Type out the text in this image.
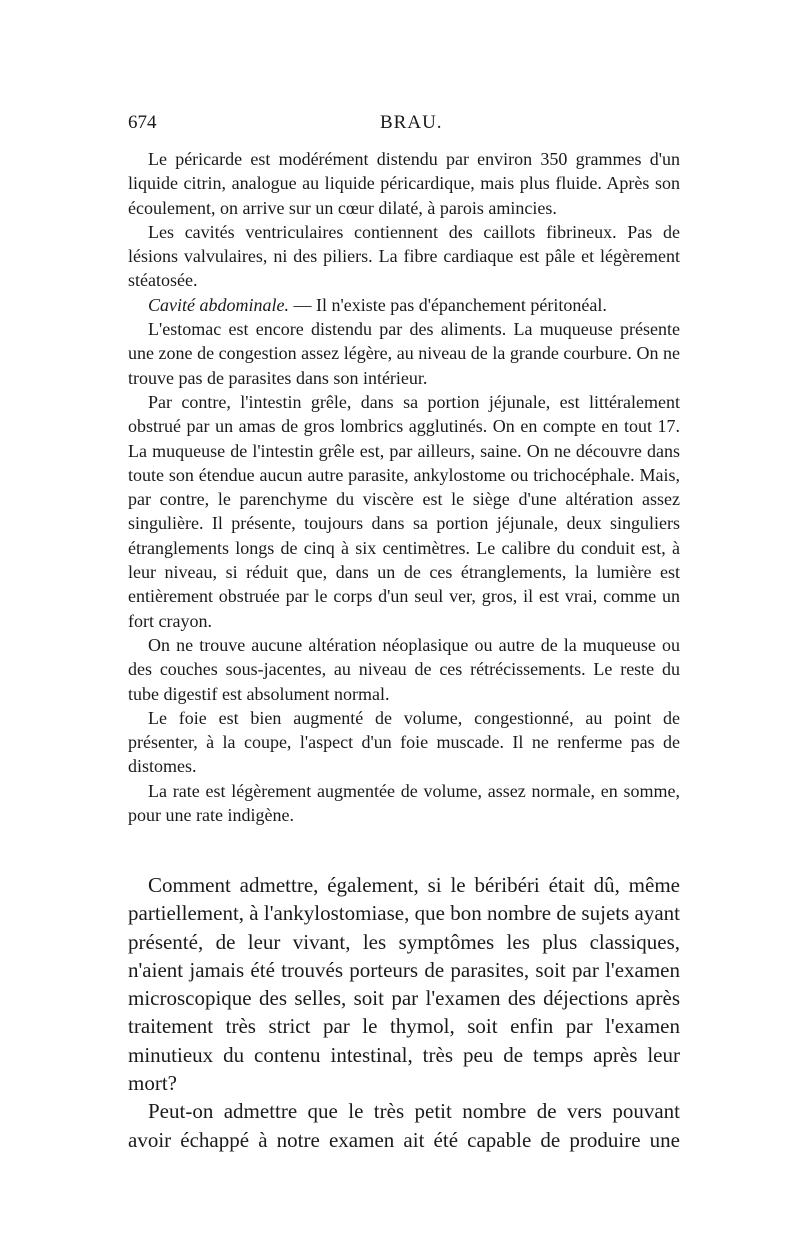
674	BRAU.

Le péricarde est modérément distendu par environ 350 grammes d'un liquide citrin, analogue au liquide péricardique, mais plus fluide. Après son écoulement, on arrive sur un cœur dilaté, à parois amincies.

Les cavités ventriculaires contiennent des caillots fibrineux. Pas de lésions valvulaires, ni des piliers. La fibre cardiaque est pâle et légèrement stéatosée.

Cavité abdominale. — Il n'existe pas d'épanchement péritonéal.

L'estomac est encore distendu par des aliments. La muqueuse présente une zone de congestion assez légère, au niveau de la grande courbure. On ne trouve pas de parasites dans son intérieur.

Par contre, l'intestin grêle, dans sa portion jéjunale, est littéralement obstrué par un amas de gros lombrics agglutinés. On en compte en tout 17. La muqueuse de l'intestin grêle est, par ailleurs, saine. On ne découvre dans toute son étendue aucun autre parasite, ankylostome ou trichocéphale. Mais, par contre, le parenchyme du viscère est le siège d'une altération assez singulière. Il présente, toujours dans sa portion jéjunale, deux singuliers étranglements longs de cinq à six centimètres. Le calibre du conduit est, à leur niveau, si réduit que, dans un de ces étranglements, la lumière est entièrement obstruée par le corps d'un seul ver, gros, il est vrai, comme un fort crayon.

On ne trouve aucune altération néoplasique ou autre de la muqueuse ou des couches sous-jacentes, au niveau de ces rétrécissements. Le reste du tube digestif est absolument normal.

Le foie est bien augmenté de volume, congestionné, au point de présenter, à la coupe, l'aspect d'un foie muscade. Il ne renferme pas de distomes.

La rate est légèrement augmentée de volume, assez normale, en somme, pour une rate indigène.

Comment admettre, également, si le béribéri était dû, même partiellement, à l'ankylostomiase, que bon nombre de sujets ayant présenté, de leur vivant, les symptômes les plus classiques, n'aient jamais été trouvés porteurs de parasites, soit par l'examen microscopique des selles, soit par l'examen des déjections après traitement très strict par le thymol, soit enfin par l'examen minutieux du contenu intestinal, très peu de temps après leur mort?

Peut-on admettre que le très petit nombre de vers pouvant avoir échappé à notre examen ait été capable de produire une
